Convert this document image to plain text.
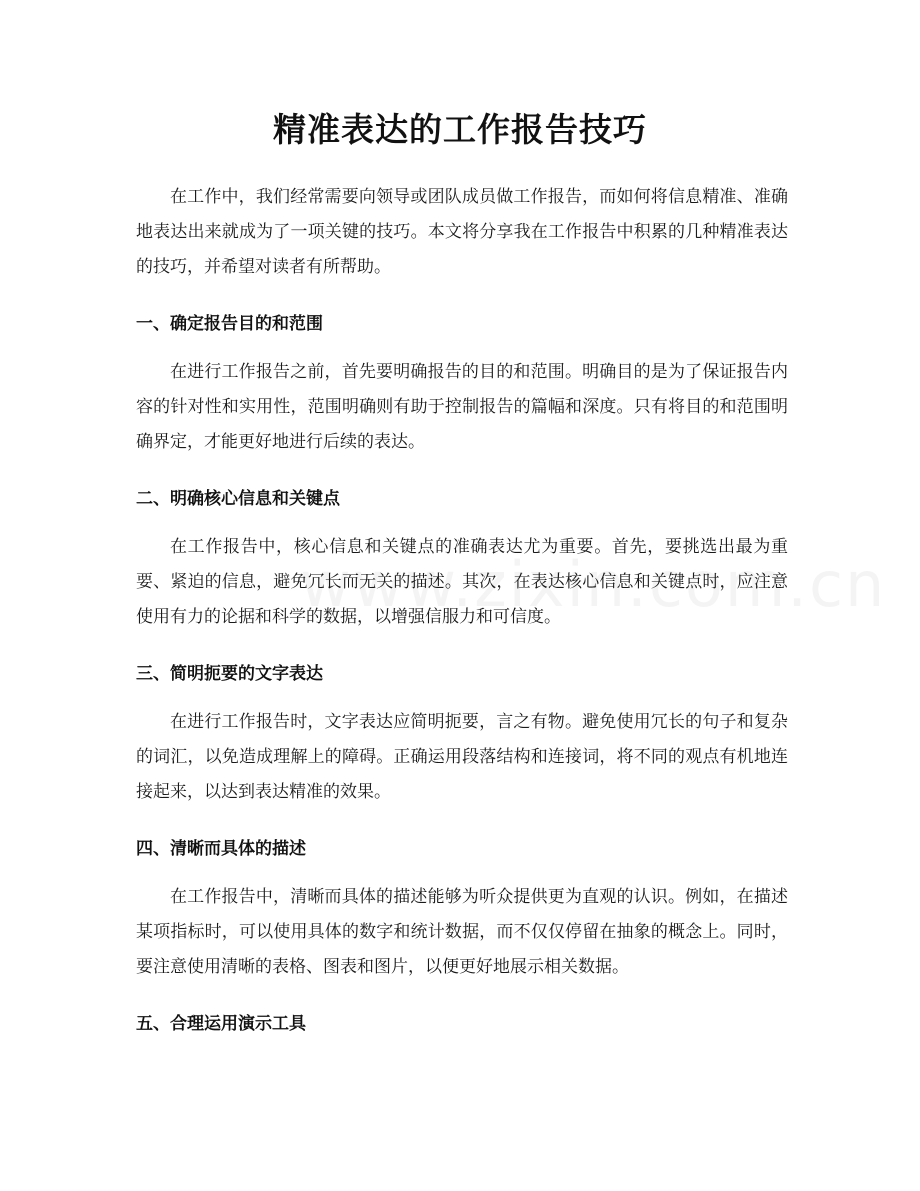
精准表达的工作报告技巧

在工作中，我们经常需要向领导或团队成员做工作报告，而如何将信息精准、准确地表达出来就成为了一项关键的技巧。本文将分享我在工作报告中积累的几种精准表达的技巧，并希望对读者有所帮助。

一、确定报告目的和范围

在进行工作报告之前，首先要明确报告的目的和范围。明确目的是为了保证报告内容的针对性和实用性，范围明确则有助于控制报告的篇幅和深度。只有将目的和范围明确界定，才能更好地进行后续的表达。

二、明确核心信息和关键点

在工作报告中，核心信息和关键点的准确表达尤为重要。首先，要挑选出最为重要、紧迫的信息，避免冗长而无关的描述。其次，在表达核心信息和关键点时，应注意使用有力的论据和科学的数据，以增强信服力和可信度。

三、简明扼要的文字表达

在进行工作报告时，文字表达应简明扼要，言之有物。避免使用冗长的句子和复杂的词汇，以免造成理解上的障碍。正确运用段落结构和连接词，将不同的观点有机地连接起来，以达到表达精准的效果。

四、清晰而具体的描述

在工作报告中，清晰而具体的描述能够为听众提供更为直观的认识。例如，在描述某项指标时，可以使用具体的数字和统计数据，而不仅仅停留在抽象的概念上。同时，要注意使用清晰的表格、图表和图片，以便更好地展示相关数据。

五、合理运用演示工具
